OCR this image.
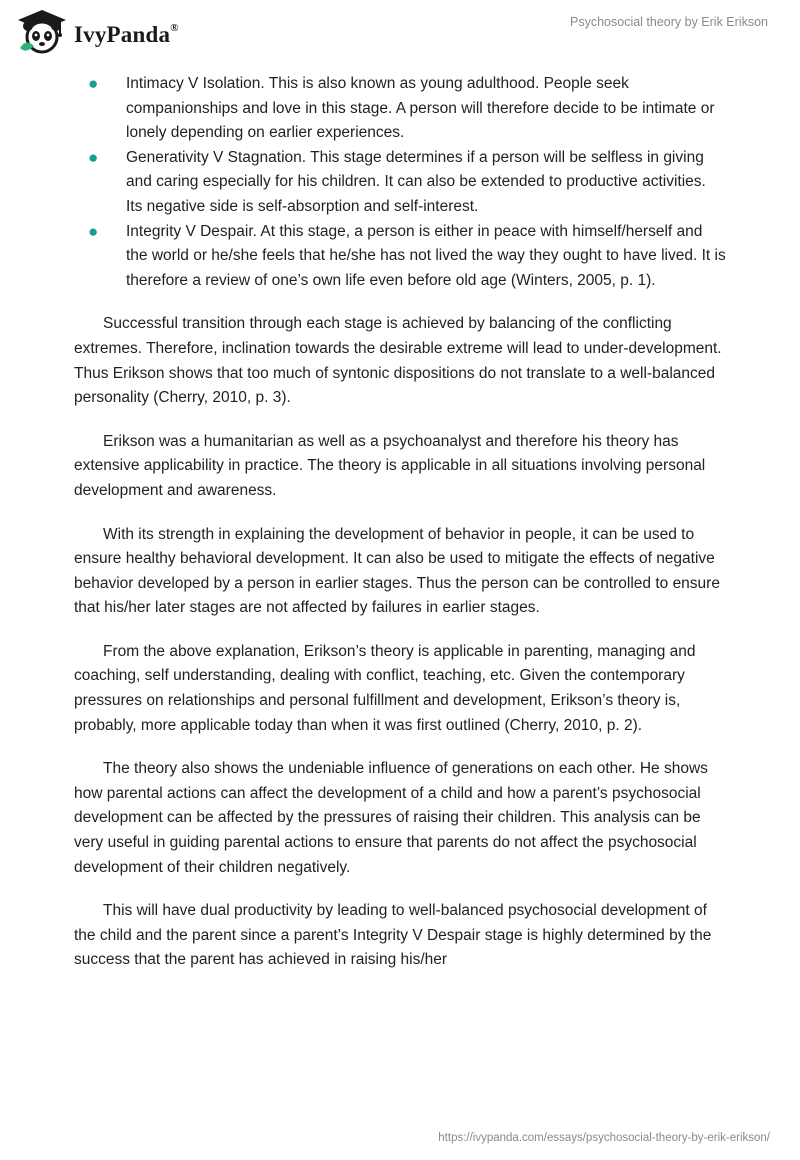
IvyPanda®	Psychosocial theory by Erik Erikson
● Intimacy V Isolation. This is also known as young adulthood. People seek companionships and love in this stage. A person will therefore decide to be intimate or lonely depending on earlier experiences.
● Generativity V Stagnation. This stage determines if a person will be selfless in giving and caring especially for his children. It can also be extended to productive activities. Its negative side is self-absorption and self-interest.
● Integrity V Despair. At this stage, a person is either in peace with himself/herself and the world or he/she feels that he/she has not lived the way they ought to have lived. It is therefore a review of one’s own life even before old age (Winters, 2005, p. 1).

Successful transition through each stage is achieved by balancing of the conflicting extremes. Therefore, inclination towards the desirable extreme will lead to under-development. Thus Erikson shows that too much of syntonic dispositions do not translate to a well-balanced personality (Cherry, 2010, p. 3).

Erikson was a humanitarian as well as a psychoanalyst and therefore his theory has extensive applicability in practice. The theory is applicable in all situations involving personal development and awareness.

With its strength in explaining the development of behavior in people, it can be used to ensure healthy behavioral development. It can also be used to mitigate the effects of negative behavior developed by a person in earlier stages. Thus the person can be controlled to ensure that his/her later stages are not affected by failures in earlier stages.

From the above explanation, Erikson’s theory is applicable in parenting, managing and coaching, self understanding, dealing with conflict, teaching, etc. Given the contemporary pressures on relationships and personal fulfillment and development, Erikson’s theory is, probably, more applicable today than when it was first outlined (Cherry, 2010, p. 2).

The theory also shows the undeniable influence of generations on each other. He shows how parental actions can affect the development of a child and how a parent’s psychosocial development can be affected by the pressures of raising their children. This analysis can be very useful in guiding parental actions to ensure that parents do not affect the psychosocial development of their children negatively.

This will have dual productivity by leading to well-balanced psychosocial development of the child and the parent since a parent’s Integrity V Despair stage is highly determined by the success that the parent has achieved in raising his/her

https://ivypanda.com/essays/psychosocial-theory-by-erik-erikson/
